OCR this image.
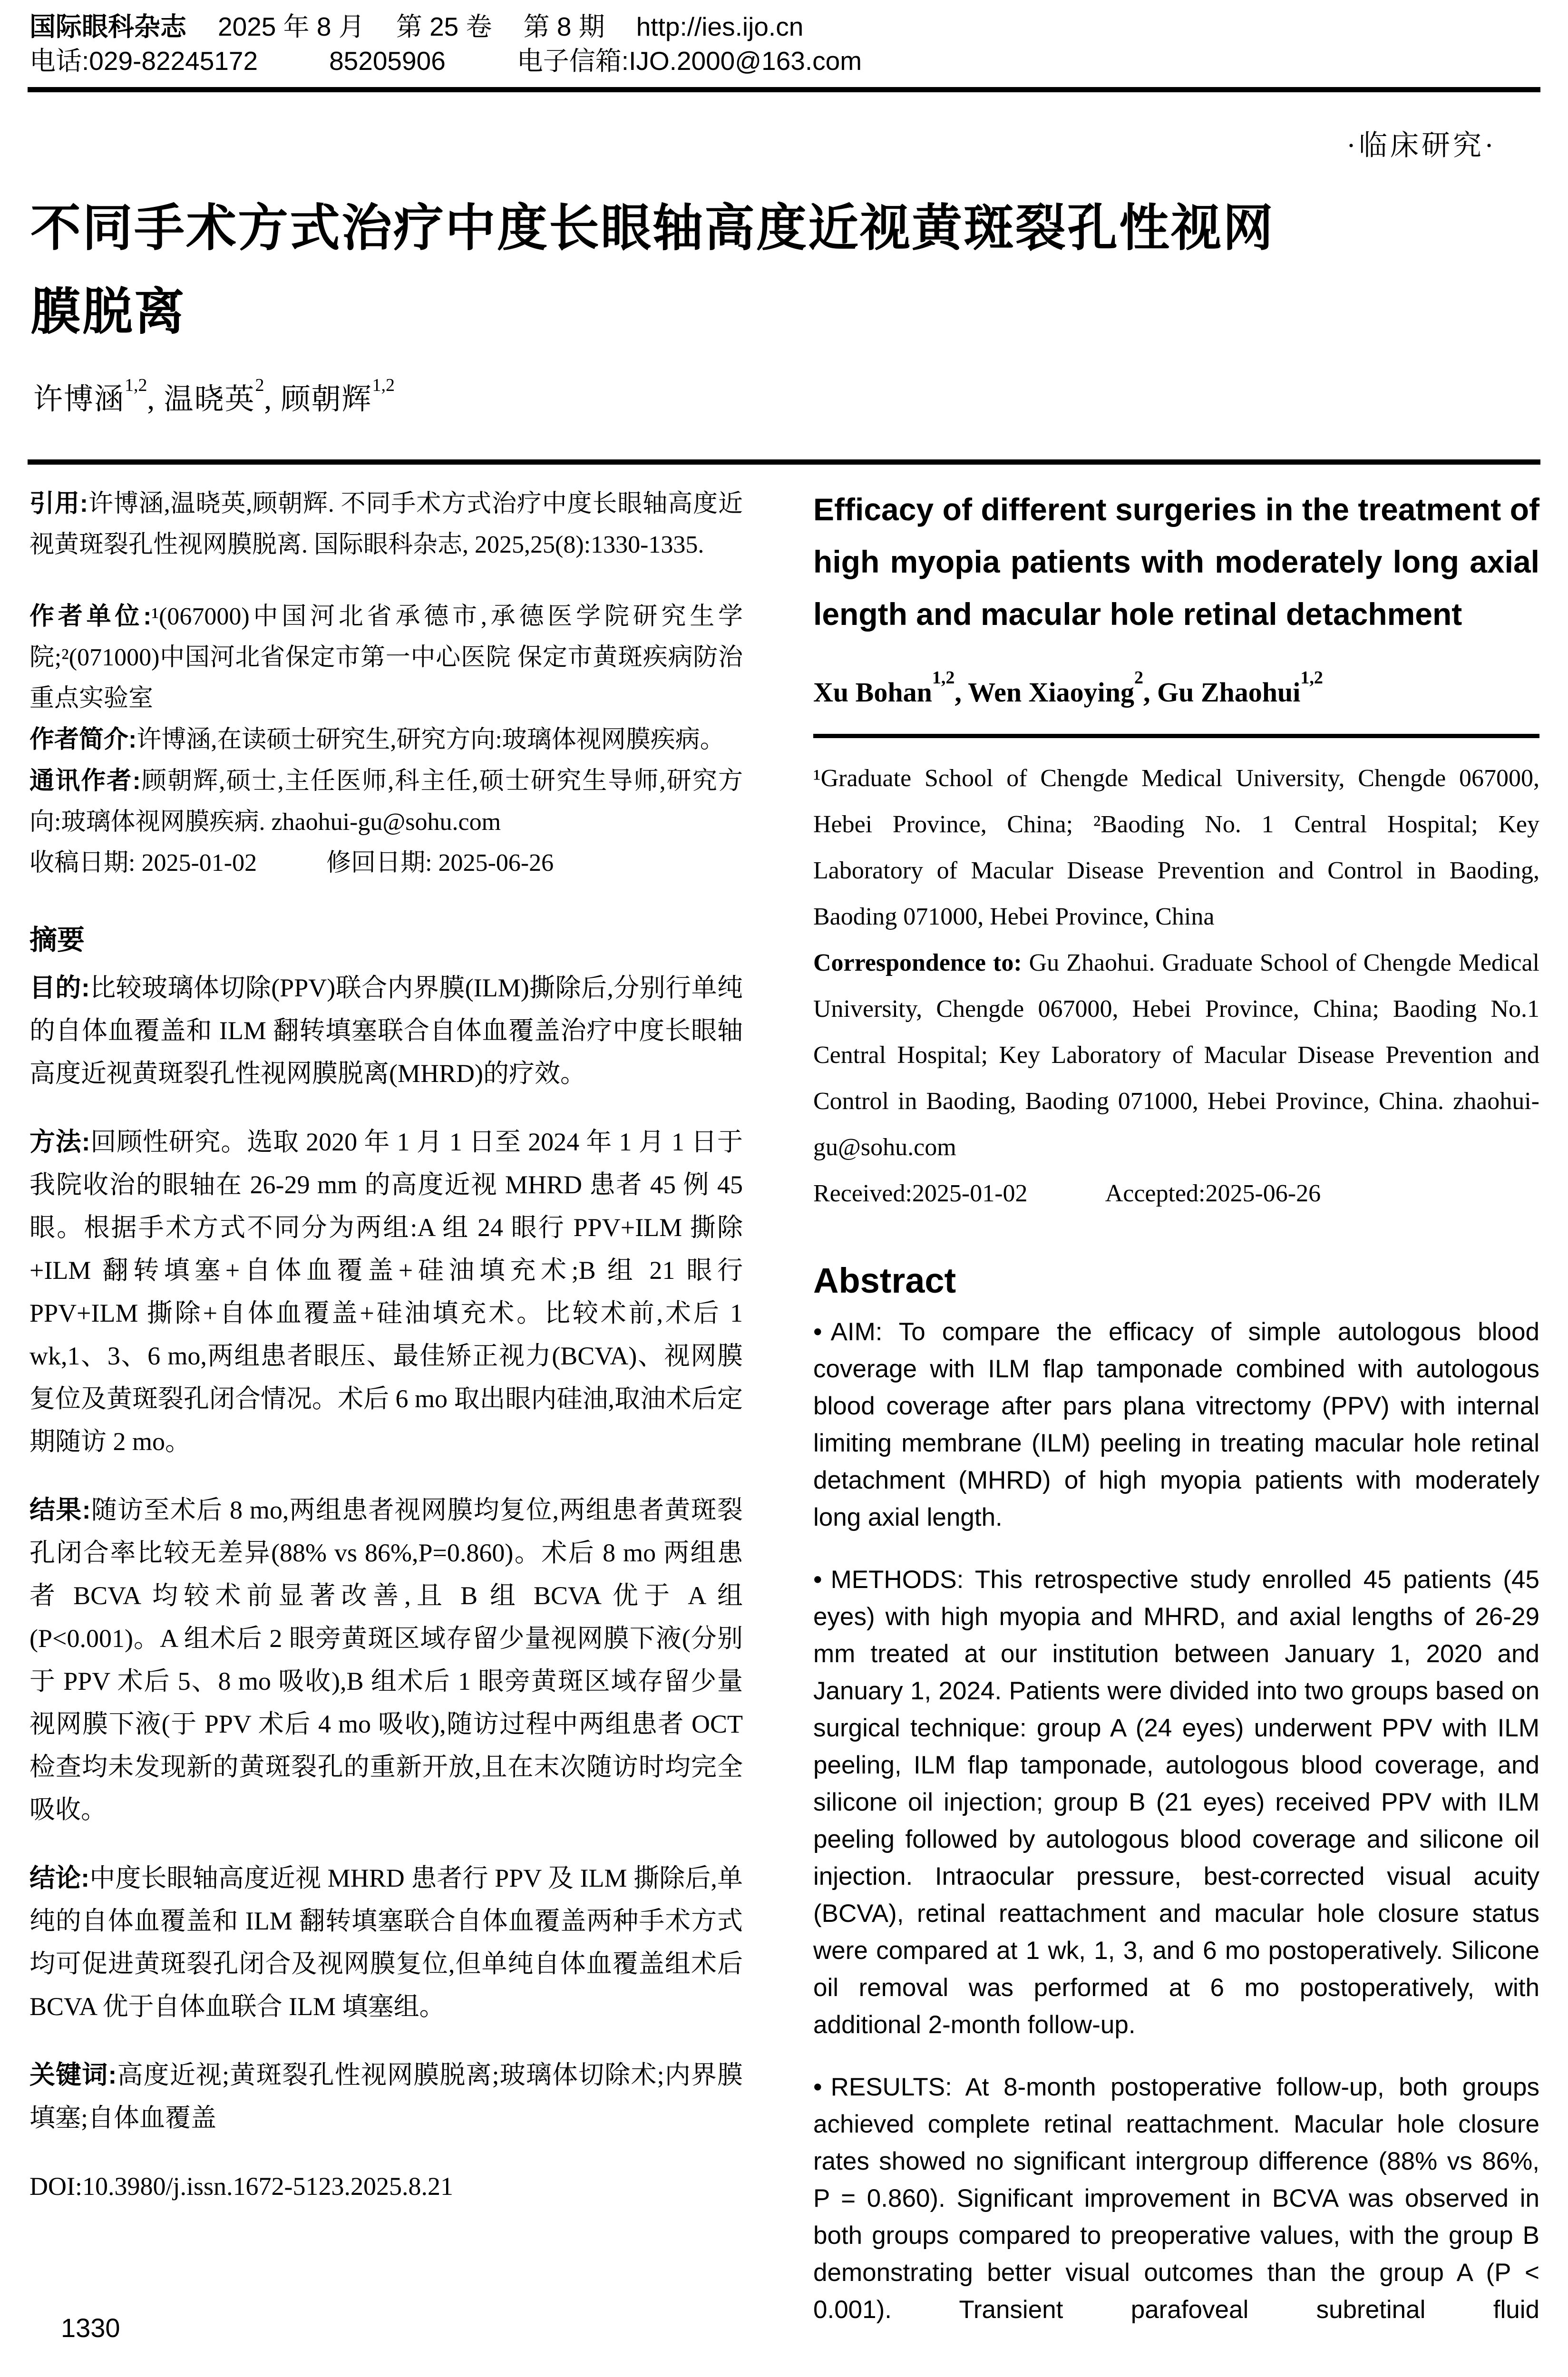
国际眼科杂志 2025 年 8 月 第 25 卷 第 8 期 http://ies.ijo.cn
电话:029-82245172	85205906	电子信箱:IJO.2000@163.com
·临床研究·
不同手术方式治疗中度长眼轴高度近视黄斑裂孔性视网
膜脱离
许博涵$^{1,2}$, 温晓英$^2$, 顾朝辉$^{1,2}$

引用:许博涵,温晓英,顾朝辉. 不同手术方式治疗中度长眼轴高度近视黄斑裂孔性视网膜脱离. 国际眼科杂志, 2025,25(8):1330-1335.

作者单位:¹(067000)中国河北省承德市,承德医学院研究生学院;²(071000)中国河北省保定市第一中心医院 保定市黄斑疾病防治重点实验室

作者简介:许博涵,在读硕士研究生,研究方向:玻璃体视网膜疾病。

通讯作者:顾朝辉,硕士,主任医师,科主任,硕士研究生导师,研究方向:玻璃体视网膜疾病. zhaohui-gu@sohu.com

收稿日期: 2025-01-02	修回日期: 2025-06-26
摘要

目的:比较玻璃体切除(PPV)联合内界膜(ILM)撕除后,分别行单纯的自体血覆盖和 ILM 翻转填塞联合自体血覆盖治疗中度长眼轴高度近视黄斑裂孔性视网膜脱离(MHRD)的疗效。

方法:回顾性研究。选取 2020 年 1 月 1 日至 2024 年 1 月 1 日于我院收治的眼轴在 26-29 mm 的高度近视 MHRD 患者 45 例 45 眼。根据手术方式不同分为两组:A 组 24 眼行 PPV+ILM 撕除+ILM 翻转填塞+自体血覆盖+硅油填充术;B 组 21 眼行 PPV+ILM 撕除+自体血覆盖+硅油填充术。比较术前,术后 1 wk,1、3、6 mo,两组患者眼压、最佳矫正视力(BCVA)、视网膜复位及黄斑裂孔闭合情况。术后 6 mo 取出眼内硅油,取油术后定期随访 2 mo。

结果:随访至术后 8 mo,两组患者视网膜均复位,两组患者黄斑裂孔闭合率比较无差异(88% vs 86%,P=0.860)。术后 8 mo 两组患者 BCVA 均较术前显著改善,且 B 组 BCVA 优于 A 组(P<0.001)。A 组术后 2 眼旁黄斑区域存留少量视网膜下液(分别于 PPV 术后 5、8 mo 吸收),B 组术后 1 眼旁黄斑区域存留少量视网膜下液(于 PPV 术后 4 mo 吸收),随访过程中两组患者 OCT 检查均未发现新的黄斑裂孔的重新开放,且在末次随访时均完全吸收。

结论:中度长眼轴高度近视 MHRD 患者行 PPV 及 ILM 撕除后,单纯的自体血覆盖和 ILM 翻转填塞联合自体血覆盖两种手术方式均可促进黄斑裂孔闭合及视网膜复位,但单纯自体血覆盖组术后 BCVA 优于自体血联合 ILM 填塞组。

关键词:高度近视;黄斑裂孔性视网膜脱离;玻璃体切除术;内界膜填塞;自体血覆盖

DOI:10.3980/j.issn.1672-5123.2025.8.21
Efficacy of different surgeries in the treatment of high myopia patients with moderately long axial length and macular hole retinal detachment
Xu Bohan$^{1,2}$, Wen Xiaoying$^2$, Gu Zhaohui$^{1,2}$

¹Graduate School of Chengde Medical University, Chengde 067000, Hebei Province, China; ²Baoding No. 1 Central Hospital; Key Laboratory of Macular Disease Prevention and Control in Baoding, Baoding 071000, Hebei Province, China

Correspondence to: Gu Zhaohui. Graduate School of Chengde Medical University, Chengde 067000, Hebei Province, China; Baoding No.1 Central Hospital; Key Laboratory of Macular Disease Prevention and Control in Baoding, Baoding 071000, Hebei Province, China. zhaohui-gu@sohu.com

Received:2025-01-02	Accepted:2025-06-26
Abstract

• AIM: To compare the efficacy of simple autologous blood coverage with ILM flap tamponade combined with autologous blood coverage after pars plana vitrectomy (PPV) with internal limiting membrane (ILM) peeling in treating macular hole retinal detachment (MHRD) of high myopia patients with moderately long axial length.

• METHODS: This retrospective study enrolled 45 patients (45 eyes) with high myopia and MHRD, and axial lengths of 26-29 mm treated at our institution between January 1, 2020 and January 1, 2024. Patients were divided into two groups based on surgical technique: group A (24 eyes) underwent PPV with ILM peeling, ILM flap tamponade, autologous blood coverage, and silicone oil injection; group B (21 eyes) received PPV with ILM peeling followed by autologous blood coverage and silicone oil injection. Intraocular pressure, best-corrected visual acuity (BCVA), retinal reattachment and macular hole closure status were compared at 1 wk, 1, 3, and 6 mo postoperatively. Silicone oil removal was performed at 6 mo postoperatively, with additional 2-month follow-up.

• RESULTS: At 8-month postoperative follow-up, both groups achieved complete retinal reattachment. Macular hole closure rates showed no significant intergroup difference (88% vs 86%, P = 0.860). Significant improvement in BCVA was observed in both groups compared to preoperative values, with the group B demonstrating better visual outcomes than the group A (P < 0.001). Transient parafoveal subretinal fluid

1330
